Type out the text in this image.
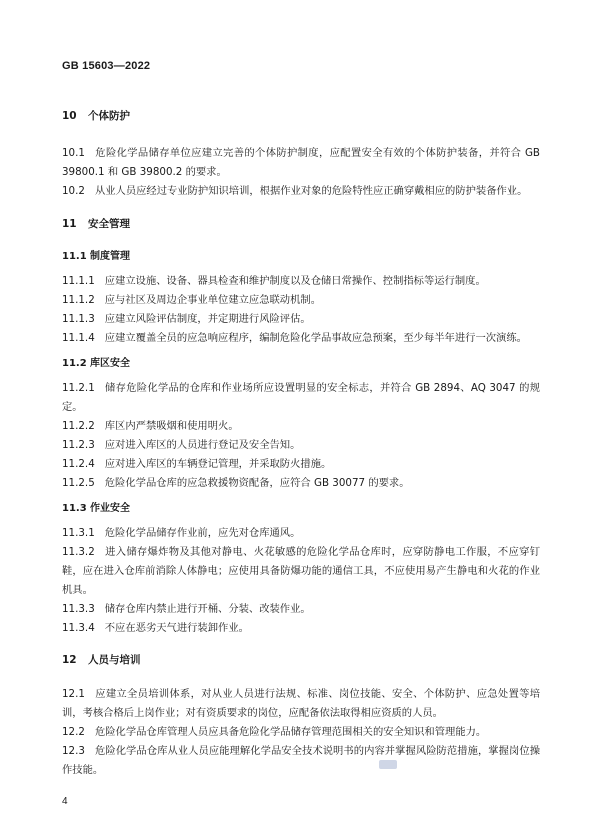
GB 15603—2022

10 个体防护

10.1 危险化学品储存单位应建立完善的个体防护制度，应配置安全有效的个体防护装备，并符合 GB 39800.1 和 GB 39800.2 的要求。

10.2 从业人员应经过专业防护知识培训，根据作业对象的危险特性应正确穿戴相应的防护装备作业。

11 安全管理

11.1 制度管理

11.1.1 应建立设施、设备、器具检查和维护制度以及仓储日常操作、控制指标等运行制度。

11.1.2 应与社区及周边企事业单位建立应急联动机制。

11.1.3 应建立风险评估制度，并定期进行风险评估。

11.1.4 应建立覆盖全员的应急响应程序，编制危险化学品事故应急预案，至少每半年进行一次演练。

11.2 库区安全

11.2.1 储存危险化学品的仓库和作业场所应设置明显的安全标志，并符合 GB 2894、AQ 3047 的规定。

11.2.2 库区内严禁吸烟和使用明火。

11.2.3 应对进入库区的人员进行登记及安全告知。

11.2.4 应对进入库区的车辆登记管理，并采取防火措施。

11.2.5 危险化学品仓库的应急救援物资配备，应符合 GB 30077 的要求。

11.3 作业安全

11.3.1 危险化学品储存作业前，应先对仓库通风。

11.3.2 进入储存爆炸物及其他对静电、火花敏感的危险化学品仓库时，应穿防静电工作服，不应穿钉鞋，应在进入仓库前消除人体静电；应使用具备防爆功能的通信工具，不应使用易产生静电和火花的作业机具。

11.3.3 储存仓库内禁止进行开桶、分装、改装作业。

11.3.4 不应在恶劣天气进行装卸作业。

12 人员与培训

12.1 应建立全员培训体系，对从业人员进行法规、标准、岗位技能、安全、个体防护、应急处置等培训，考核合格后上岗作业；对有资质要求的岗位，应配备依法取得相应资质的人员。

12.2 危险化学品仓库管理人员应具备危险化学品储存管理范围相关的安全知识和管理能力。

12.3 危险化学品仓库从业人员应能理解化学品安全技术说明书的内容并掌握风险防范措施，掌握岗位操作技能。

4
